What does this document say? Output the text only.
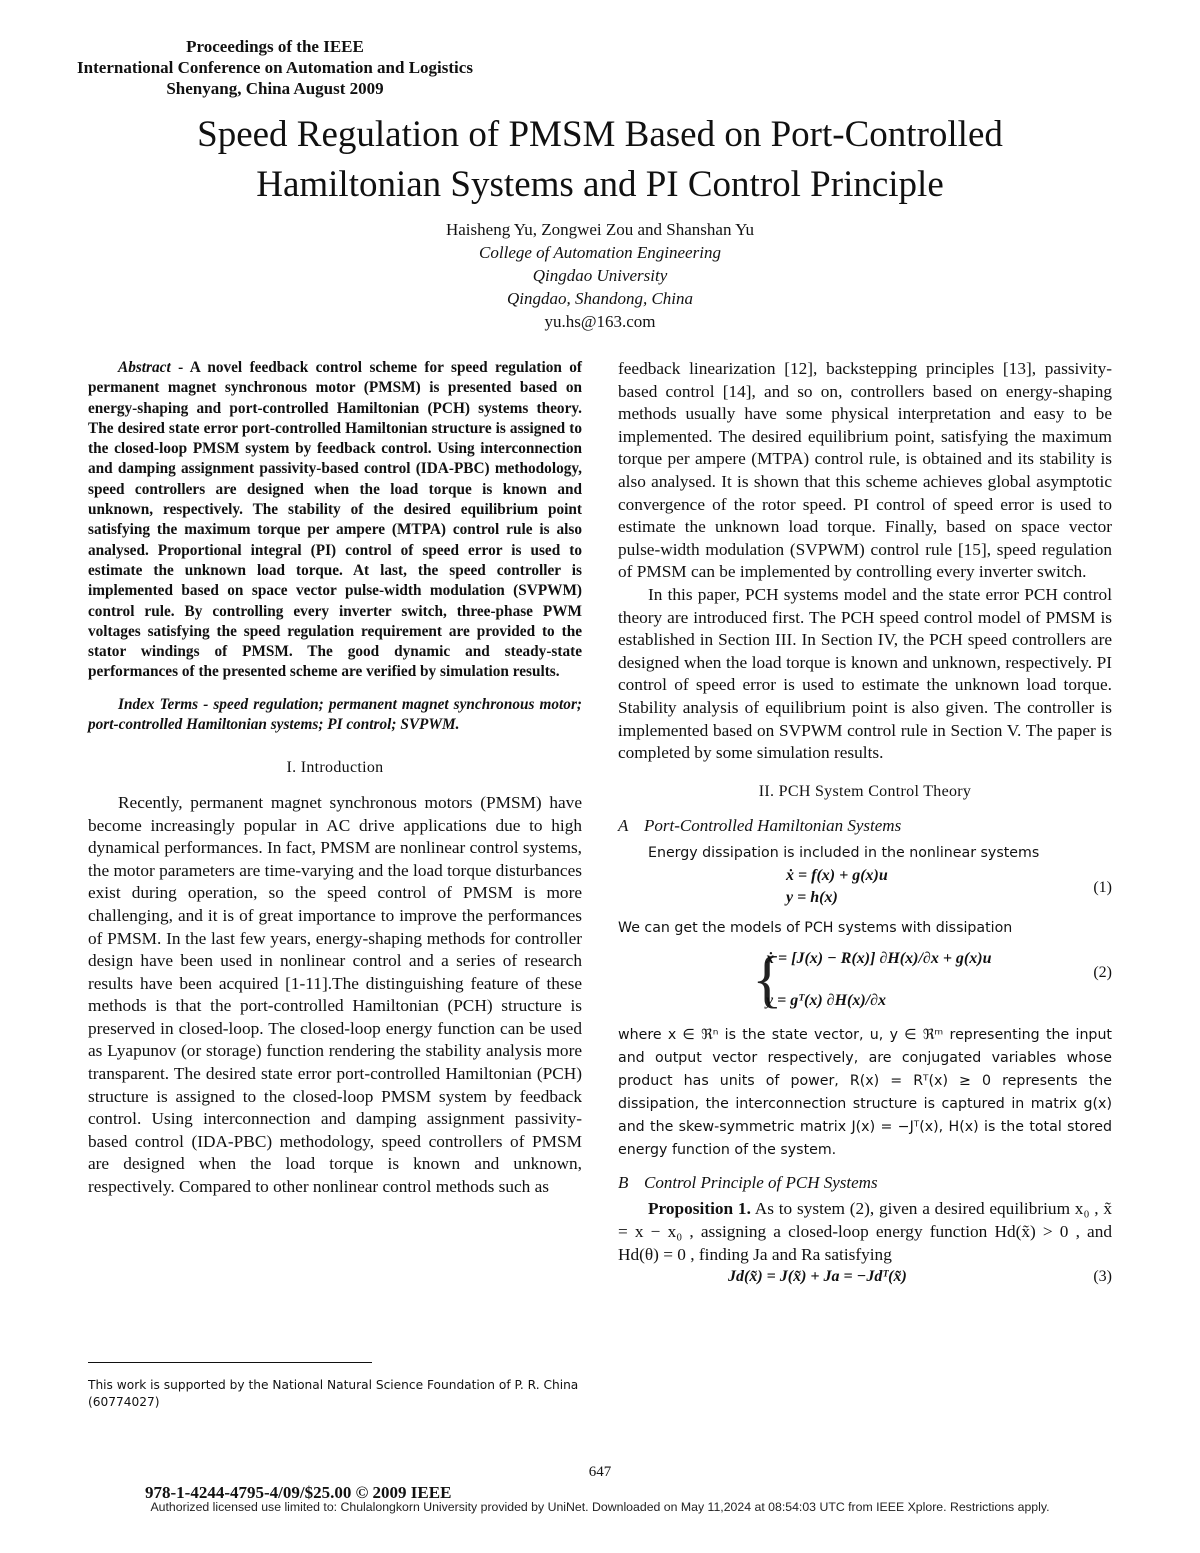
Proceedings of the IEEE
International Conference on Automation and Logistics
Shenyang, China August 2009
Speed Regulation of PMSM Based on Port-Controlled
Hamiltonian Systems and PI Control Principle
Haisheng Yu, Zongwei Zou and Shanshan Yu
College of Automation Engineering
Qingdao University
Qingdao, Shandong, China
yu.hs@163.com

Abstract - A novel feedback control scheme for speed regulation of permanent magnet synchronous motor (PMSM) is presented based on energy-shaping and port-controlled Hamiltonian (PCH) systems theory. The desired state error port-controlled Hamiltonian structure is assigned to the closed-loop PMSM system by feedback control. Using interconnection and damping assignment passivity-based control (IDA-PBC) methodology, speed controllers are designed when the load torque is known and unknown, respectively. The stability of the desired equilibrium point satisfying the maximum torque per ampere (MTPA) control rule is also analysed. Proportional integral (PI) control of speed error is used to estimate the unknown load torque. At last, the speed controller is implemented based on space vector pulse-width modulation (SVPWM) control rule. By controlling every inverter switch, three-phase PWM voltages satisfying the speed regulation requirement are provided to the stator windings of PMSM. The good dynamic and steady-state performances of the presented scheme are verified by simulation results.

Index Terms - speed regulation; permanent magnet synchronous motor; port-controlled Hamiltonian systems; PI control; SVPWM.

I. Introduction

Recently, permanent magnet synchronous motors (PMSM) have become increasingly popular in AC drive applications due to high dynamical performances. In fact, PMSM are nonlinear control systems, the motor parameters are time-varying and the load torque disturbances exist during operation, so the speed control of PMSM is more challenging, and it is of great importance to improve the performances of PMSM. In the last few years, energy-shaping methods for controller design have been used in nonlinear control and a series of research results have been acquired [1-11].The distinguishing feature of these methods is that the port-controlled Hamiltonian (PCH) structure is preserved in closed-loop. The closed-loop energy function can be used as Lyapunov (or storage) function rendering the stability analysis more transparent. The desired state error port-controlled Hamiltonian (PCH) structure is assigned to the closed-loop PMSM system by feedback control. Using interconnection and damping assignment passivity-based control (IDA-PBC) methodology, speed controllers of PMSM are designed when the load torque is known and unknown, respectively. Compared to other nonlinear control methods such as

feedback linearization [12], backstepping principles [13], passivity-based control [14], and so on, controllers based on energy-shaping methods usually have some physical interpretation and easy to be implemented. The desired equilibrium point, satisfying the maximum torque per ampere (MTPA) control rule, is obtained and its stability is also analysed. It is shown that this scheme achieves global asymptotic convergence of the rotor speed. PI control of speed error is used to estimate the unknown load torque. Finally, based on space vector pulse-width modulation (SVPWM) control rule [15], speed regulation of PMSM can be implemented by controlling every inverter switch.

In this paper, PCH systems model and the state error PCH control theory are introduced first. The PCH speed control model of PMSM is established in Section III. In Section IV, the PCH speed controllers are designed when the load torque is known and unknown, respectively. PI control of speed error is used to estimate the unknown load torque. Stability analysis of equilibrium point is also given. The controller is implemented based on SVPWM control rule in Section V. The paper is completed by some simulation results.

II. PCH System Control Theory
A Port-Controlled Hamiltonian Systems
Energy dissipation is included in the nonlinear systems
ẋ = f(x) + g(x)u
y = h(x)
(1)
We can get the models of PCH systems with dissipation
{
ẋ = [J(x) − R(x)] ∂H(x)/∂x + g(x)u
y = gᵀ(x) ∂H(x)/∂x
(2)
where x ∈ ℜⁿ is the state vector, u, y ∈ ℜᵐ representing the input and output vector respectively, are conjugated variables whose product has units of power, R(x) = Rᵀ(x) ≥ 0 represents the dissipation, the interconnection structure is captured in matrix g(x) and the skew-symmetric matrix J(x) = −Jᵀ(x), H(x) is the total stored energy function of the system.
B Control Principle of PCH Systems

Proposition 1. As to system (2), given a desired equilibrium x₀ , x̃ = x − x₀ , assigning a closed-loop energy function Hd(x̃) > 0 , and Hd(θ) = 0 , finding Ja and Ra satisfying

Jd(x̃) = J(x̃) + Ja = −Jdᵀ(x̃)	(3)
This work is supported by the National Natural Science Foundation of P. R. China (60774027)
647
978-1-4244-4795-4/09/$25.00 © 2009 IEEE
Authorized licensed use limited to: Chulalongkorn University provided by UniNet. Downloaded on May 11,2024 at 08:54:03 UTC from IEEE Xplore. Restrictions apply.
